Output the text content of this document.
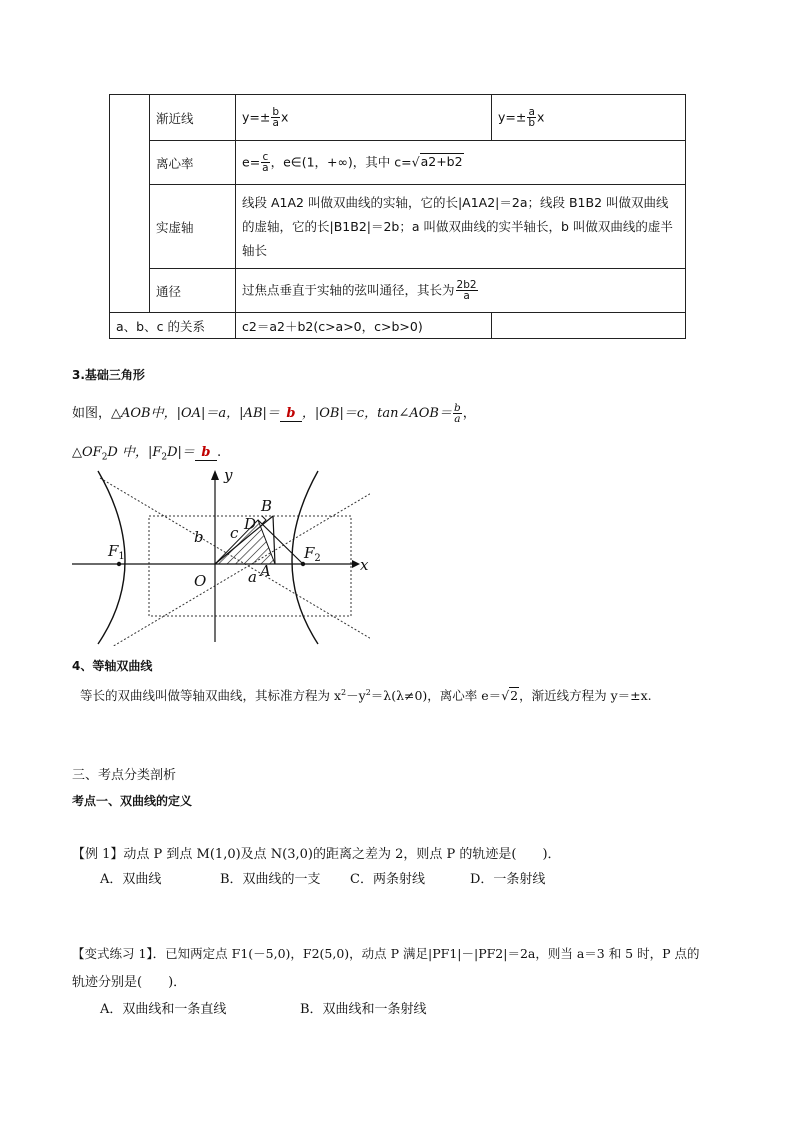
	渐近线	$y=\pm \frac{b}{a}$ x	$y=\pm \frac{a}{b}$ x
	离心率	$e= \frac{c}{a}$ ，e∈(1，+∞)，其中 c=√a2+b2	
	实虚轴	线段 A1A2 叫做双曲线的实轴，它的长|A1A2|＝2a；线段 B1B2 叫做双曲线的虚轴，它的长|B1B2|＝2b；a 叫做双曲线的实半轴长，b 叫做双曲线的虚半轴长	
	通径	过焦点垂直于实轴的弦叫通径，其长为 $\frac{2b2}{a}$

a、b、c 的关系		c2＝a2＋b2(c>a>0，c>b>0)	
3.基础三角形
如图，△AOB中，|OA|＝a，|AB|＝ b ，|OB|＝c，tan∠AOB＝ $\frac{b}{a}$ ，
$\triangle OF_2D$ 中，$|F_2D|= b$ .
y
x
B
D
c
b
$F_1$	$F_2$
O	a A
4、等轴双曲线
等长的双曲线叫做等轴双曲线，其标准方程为 $x^2-y^2=\lambda(\lambda\ne 0)$，离心率 e＝√2，渐近线方程为 y＝±x.
三、考点分类剖析
考点一、双曲线的定义
【例 1】动点 P 到点 M(1,0)及点 N(3,0)的距离之差为 2，则点 P 的轨迹是(　　)．
A．双曲线	B．双曲线的一支 C．两条射线	D．一条射线
【变式练习 1】．已知两定点 F1(－5,0)，F2(5,0)，动点 P 满足|PF1|－|PF2|＝2a，则当 a＝3 和 5 时，P 点的
轨迹分别是(　　)．
A．双曲线和一条直线	B．双曲线和一条射线
